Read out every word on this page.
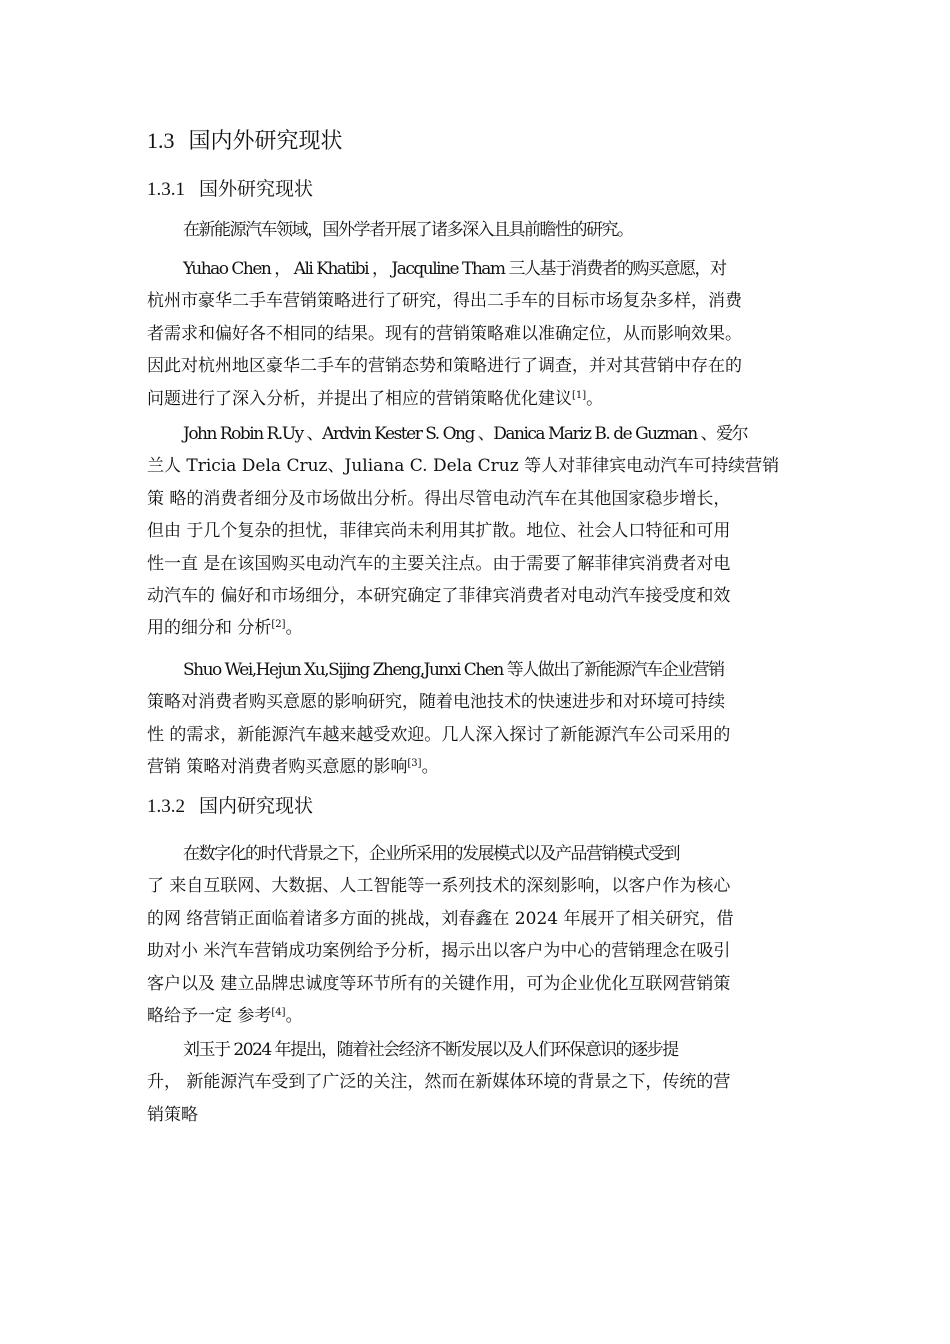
1.3 国内外研究现状
1.3.1 国外研究现状
在新能源汽车领域，国外学者开展了诸多深入且具前瞻性的研究。
Yuhao Chen ， Ali Khatibi ， Jacquline Tham 三人基于消费者的购买意愿，对
杭州市豪华二手车营销策略进行了研究，得出二手车的目标市场复杂多样，消费
者需求和偏好各不相同的结果。现有的营销策略难以准确定位，从而影响效果。
因此对杭州地区豪华二手车的营销态势和策略进行了调查，并对其营销中存在的
问题进行了深入分析，并提出了相应的营销策略优化建议[1]。
John Robin R.Uy 、Ardvin Kester S. Ong 、Danica Mariz B. de Guzman 、爱尔
兰人 Tricia Dela Cruz、Juliana C. Dela Cruz 等人对菲律宾电动汽车可持续营销
策 略的消费者细分及市场做出分析。得出尽管电动汽车在其他国家稳步增长，
但由 于几个复杂的担忧，菲律宾尚未利用其扩散。地位、社会人口特征和可用
性一直 是在该国购买电动汽车的主要关注点。由于需要了解菲律宾消费者对电
动汽车的 偏好和市场细分，本研究确定了菲律宾消费者对电动汽车接受度和效
用的细分和 分析[2]。
Shuo Wei,Hejun Xu,Sijing Zheng,Junxi Chen 等人做出了新能源汽车企业营销
策略对消费者购买意愿的影响研究，随着电池技术的快速进步和对环境可持续
性 的需求，新能源汽车越来越受欢迎。几人深入探讨了新能源汽车公司采用的
营销 策略对消费者购买意愿的影响[3]。
1.3.2 国内研究现状
在数字化的时代背景之下，企业所采用的发展模式以及产品营销模式受到
了 来自互联网、大数据、人工智能等一系列技术的深刻影响，以客户作为核心
的网 络营销正面临着诸多方面的挑战，刘春鑫在 2024 年展开了相关研究，借
助对小 米汽车营销成功案例给予分析，揭示出以客户为中心的营销理念在吸引
客户以及 建立品牌忠诚度等环节所有的关键作用，可为企业优化互联网营销策
略给予一定 参考[4]。
刘玉于 2024 年提出，随着社会经济不断发展以及人们环保意识的逐步提
升， 新能源汽车受到了广泛的关注，然而在新媒体环境的背景之下，传统的营
销策略
